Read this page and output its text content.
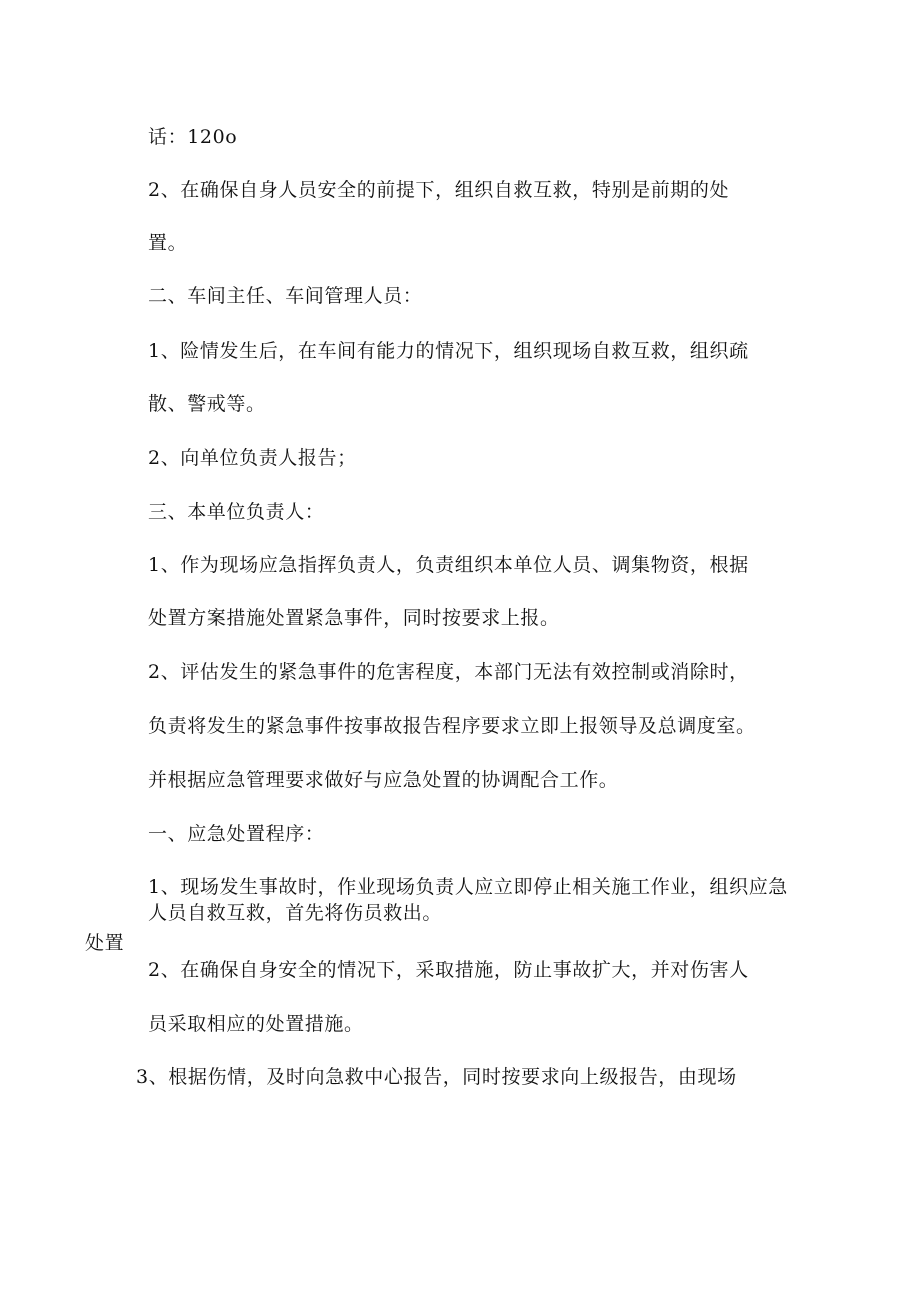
话：120o
2、在确保自身人员安全的前提下，组织自救互救，特别是前期的处
置。
二、车间主任、车间管理人员：
1、险情发生后，在车间有能力的情况下，组织现场自救互救，组织疏
散、警戒等。
2、向单位负责人报告；
三、本单位负责人：
1、作为现场应急指挥负责人，负责组织本单位人员、调集物资，根据
处置方案措施处置紧急事件，同时按要求上报。
2、评估发生的紧急事件的危害程度，本部门无法有效控制或消除时，
负责将发生的紧急事件按事故报告程序要求立即上报领导及总调度室。
并根据应急管理要求做好与应急处置的协调配合工作。
一、应急处置程序：
1、现场发生事故时，作业现场负责人应立即停止相关施工作业，组织应急
人员自救互救，首先将伤员救出。
处置
2、在确保自身安全的情况下，采取措施，防止事故扩大，并对伤害人
员采取相应的处置措施。
3、根据伤情，及时向急救中心报告，同时按要求向上级报告，由现场
